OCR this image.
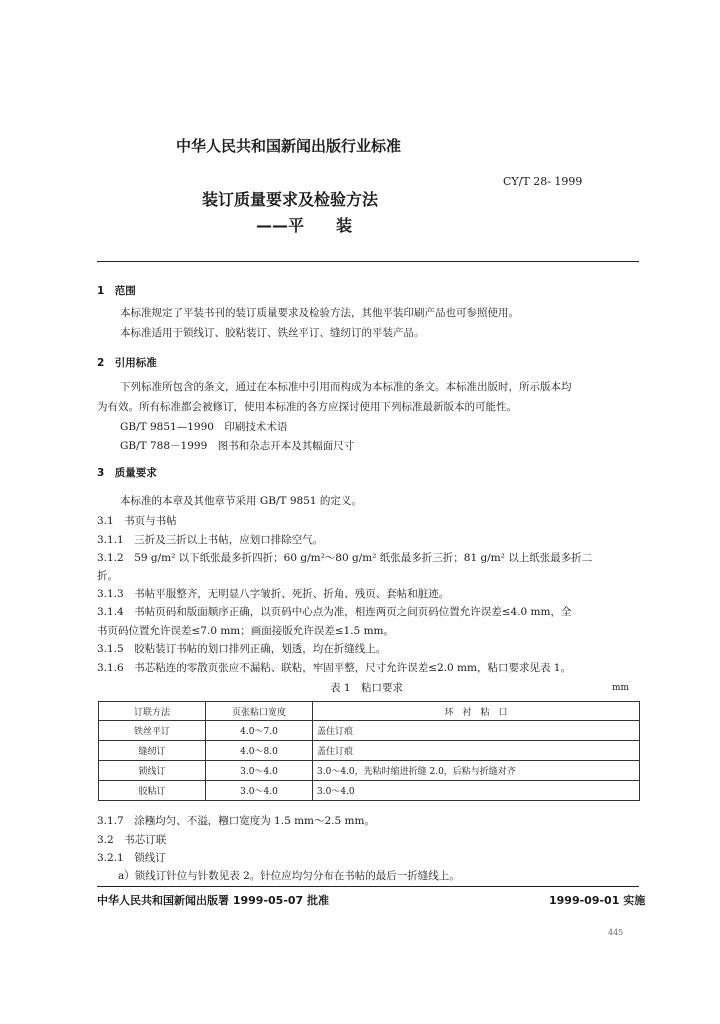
中华人民共和国新闻出版行业标准
CY/T 28- 1999
装订质量要求及检验方法
——平　　装
1　范围
本标准规定了平装书刊的装订质量要求及检验方法，其他平装印刷产品也可参照使用。
本标准适用于锁线订、胶粘装订、铁丝平订、缝纫订的平装产品。
2　引用标准
下列标准所包含的条文，通过在本标准中引用而构成为本标准的条文。本标准出版时，所示版本均
为有效。所有标准都会被修订，使用本标准的各方应探讨使用下列标准最新版本的可能性。
GB/T 9851—1990　印刷技术术语
GB/T 788－1999　图书和杂志开本及其幅面尺寸
3　质量要求
本标准的本章及其他章节采用 GB/T 9851 的定义。
3.1　书页与书帖
3.1.1　三折及三折以上书帖，应划口排除空气。
3.1.2　59 g/m² 以下纸张最多折四折；60 g/m²～80 g/m² 纸张最多折三折；81 g/m² 以上纸张最多折二
折。
3.1.3　书帖平服整齐，无明显八字皱折、死折、折角、残页、套帖和脏迹。
3.1.4　书帖页码和版面顺序正确，以页码中心点为准，相连两页之间页码位置允许误差≤4.0 mm，全
书页码位置允许误差≤7.0 mm；画面接版允许误差≤1.5 mm。
3.1.5　胶粘装订书帖的划口排列正确，划透，均在折缝线上。
3.1.6　书芯粘连的零散页张应不漏粘、联粘，牢固平整，尺寸允许误差≤2.0 mm，粘口要求见表 1。
表 1　粘口要求	mm
订联方法	页张粘口宽度	环　衬　粘　口
铁丝平订	4.0～7.0	盖住订痕
缝纫订	4.0～8.0	盖住订痕
锁线订	3.0～4.0	3.0～4.0，先粘时缩进折缝 2.0，后粘与折缝对齐
胶粘订	3.0～4.0	3.0～4.0
3.1.7　涂糨均匀、不溢，糨口宽度为 1.5 mm～2.5 mm。
3.2　书芯订联
3.2.1　锁线订
a）锁线订针位与针数见表 2。针位应均匀分布在书帖的最后一折缝线上。
中华人民共和国新闻出版署 1999-05-07 批准	1999-09-01 实施
445
